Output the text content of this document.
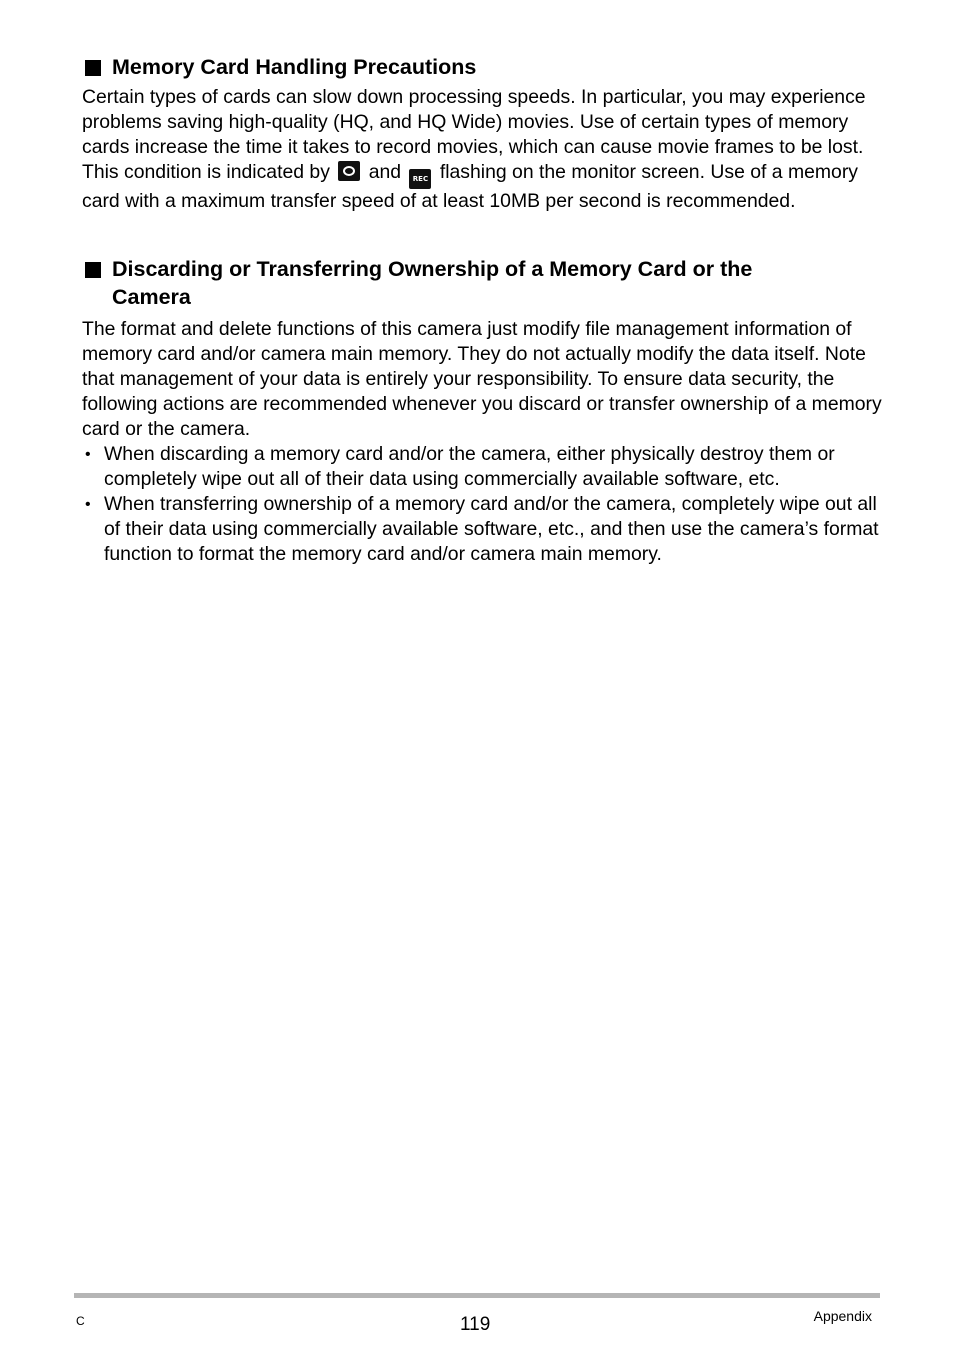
Memory Card Handling Precautions

Certain types of cards can slow down processing speeds. In particular, you may experience problems saving high-quality (HQ, and HQ Wide) movies. Use of certain types of memory cards increase the time it takes to record movies, which can cause movie frames to be lost. This condition is indicated by and REC flashing on the monitor screen. Use of a memory card with a maximum transfer speed of at least 10MB per second is recommended.

Discarding or Transferring Ownership of a Memory Card or the
Camera

The format and delete functions of this camera just modify file management information of memory card and/or camera main memory. They do not actually modify the data itself. Note that management of your data is entirely your responsibility. To ensure data security, the following actions are recommended whenever you discard or transfer ownership of a memory card or the camera.

• When discarding a memory card and/or the camera, either physically destroy them or completely wipe out all of their data using commercially available software, etc.
• When transferring ownership of a memory card and/or the camera, completely wipe out all of their data using commercially available software, etc., and then use the camera’s format function to format the memory card and/or camera main memory.
C	119	Appendix
